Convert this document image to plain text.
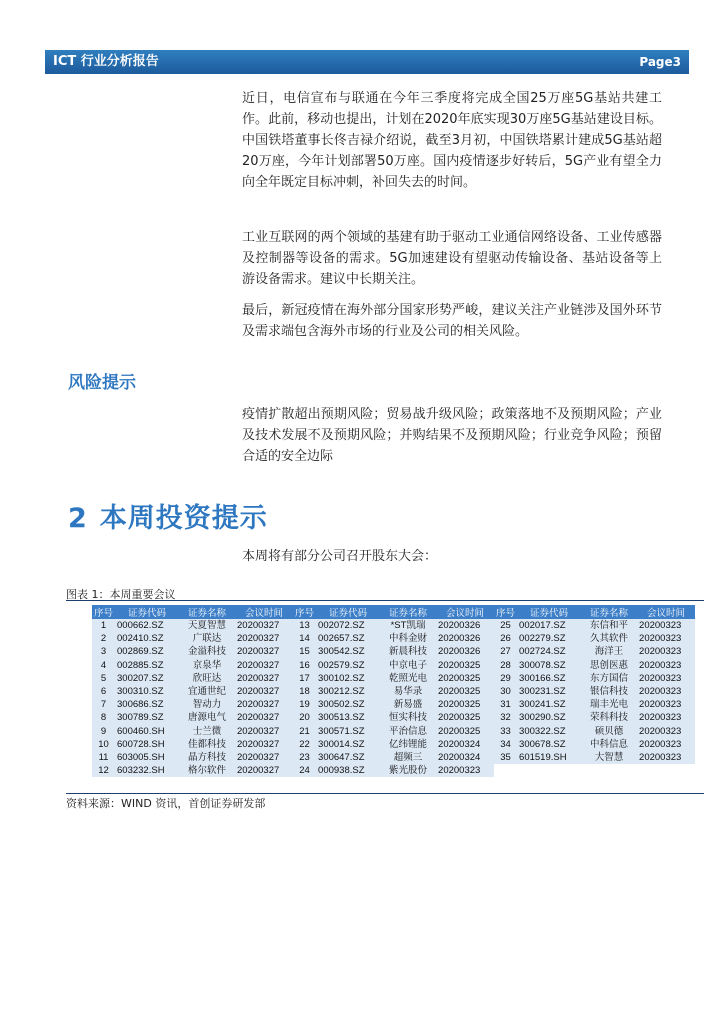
ICT 行业分析报告	Page3

近日，电信宣布与联通在今年三季度将完成全国25万座5G基站共建工作。此前，移动也提出，计划在2020年底实现30万座5G基站建设目标。中国铁塔董事长佟吉禄介绍说，截至3月初，中国铁塔累计建成5G基站超20万座，今年计划部署50万座。国内疫情逐步好转后，5G产业有望全力向全年既定目标冲刺，补回失去的时间。

工业互联网的两个领域的基建有助于驱动工业通信网络设备、工业传感器及控制器等设备的需求。5G加速建设有望驱动传输设备、基站设备等上游设备需求。建议中长期关注。

最后，新冠疫情在海外部分国家形势严峻，建议关注产业链涉及国外环节及需求端包含海外市场的行业及公司的相关风险。

风险提示

疫情扩散超出预期风险；贸易战升级风险；政策落地不及预期风险；产业及技术发展不及预期风险；并购结果不及预期风险；行业竞争风险；预留合适的安全边际

2 本周投资提示

本周将有部分公司召开股东大会：

图表 1：本周重要会议
序号	证券代码	证券名称	会议时间	序号	证券代码	证券名称	会议时间	序号	证券代码	证券名称	会议时间
1	000662.SZ	天夏智慧	20200327	13	002072.SZ	*ST凯瑞	20200326	25	002017.SZ	东信和平	20200323
2	002410.SZ	广联达	20200327	14	002657.SZ	中科金财	20200326	26	002279.SZ	久其软件	20200323
3	002869.SZ	金溢科技	20200327	15	300542.SZ	新晨科技	20200326	27	002724.SZ	海洋王	20200323
4	002885.SZ	京泉华	20200327	16	002579.SZ	中京电子	20200325	28	300078.SZ	思创医惠	20200323
5	300207.SZ	欣旺达	20200327	17	300102.SZ	乾照光电	20200325	29	300166.SZ	东方国信	20200323
6	300310.SZ	宜通世纪	20200327	18	300212.SZ	易华录	20200325	30	300231.SZ	银信科技	20200323
7	300686.SZ	智动力	20200327	19	300502.SZ	新易盛	20200325	31	300241.SZ	瑞丰光电	20200323
8	300789.SZ	唐源电气	20200327	20	300513.SZ	恒实科技	20200325	32	300290.SZ	荣科科技	20200323
9	600460.SH	士兰微	20200327	21	300571.SZ	平治信息	20200325	33	300322.SZ	硕贝德	20200323
10	600728.SH	佳都科技	20200327	22	300014.SZ	亿纬锂能	20200324	34	300678.SZ	中科信息	20200323
11	603005.SH	晶方科技	20200327	23	300647.SZ	超频三	20200324	35	601519.SH	大智慧	20200323
12	603232.SH	格尔软件	20200327	24	000938.SZ	紫光股份	20200323				
资料来源：WIND 资讯，首创证券研发部
